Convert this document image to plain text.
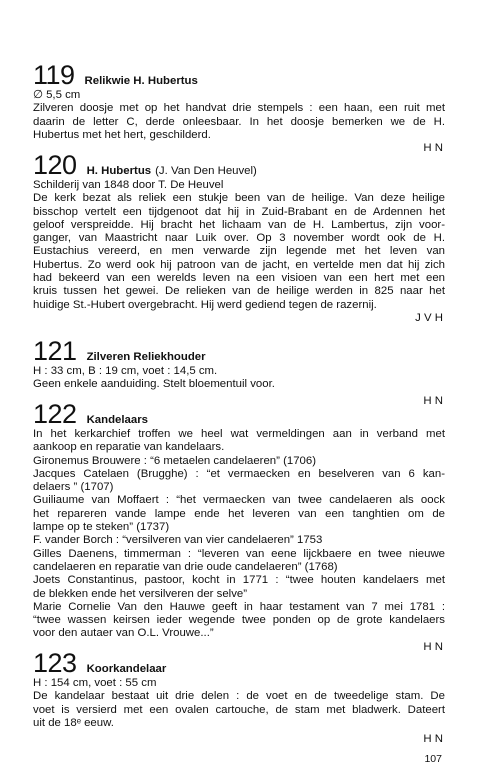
119 Relikwie H. Hubertus
∅ 5,5 cm
Zilveren doosje met op het handvat drie stempels : een haan, een ruit met
daarin de letter C, derde onleesbaar. In het doosje bemerken we de H.
Hubertus met het hert, geschilderd.
H N
120 H. Hubertus (J. Van Den Heuvel)
Schilderij van 1848 door T. De Heuvel
De kerk bezat als reliek een stukje been van de heilige. Van deze heilige
bisschop vertelt een tijdgenoot dat hij in Zuid-Brabant en de Ardennen het
geloof verspreidde. Hij bracht het lichaam van de H. Lambertus, zijn voor-
ganger, van Maastricht naar Luik over. Op 3 november wordt ook de H.
Eustachius vereerd, en men verwarde zijn legende met het leven van
Hubertus. Zo werd ook hij patroon van de jacht, en vertelde men dat hij zich
had bekeerd van een werelds leven na een visioen van een hert met een
kruis tussen het gewei. De relieken van de heilige werden in 825 naar het
huidige St.-Hubert overgebracht. Hij werd gediend tegen de razernij.
J V H
121 Zilveren Reliekhouder
H : 33 cm, B : 19 cm, voet : 14,5 cm.
Geen enkele aanduiding. Stelt bloementuil voor.
H N
122 Kandelaars
In het kerkarchief troffen we heel wat vermeldingen aan in verband met
aankoop en reparatie van kandelaars.
Gironemus Brouwere : “6 metaelen candelaeren” (1706)
Jacques Catelaen (Brugghe) : “et vermaecken en beselveren van 6 kan-
delaers ” (1707)
Guiliaume van Moffaert : “het vermaecken van twee candelaeren als oock
het repareren vande lampe ende het leveren van een tanghtien om de
lampe op te steken” (1737)
F. vander Borch : “versilveren van vier candelaeren” 1753
Gilles Daenens, timmerman : “leveren van eene lijckbaere en twee nieuwe
candelaeren en reparatie van drie oude candelaeren” (1768)
Joets Constantinus, pastoor, kocht in 1771 : “twee houten kandelaers met
de blekken ende het versilveren der selve”
Marie Cornelie Van den Hauwe geeft in haar testament van 7 mei 1781 :
“twee wassen keirsen ieder wegende twee ponden op de grote kandelaers
voor den autaer van O.L. Vrouwe...”
H N
123 Koorkandelaar
H : 154 cm, voet : 55 cm
De kandelaar bestaat uit drie delen : de voet en de tweedelige stam. De
voet is versierd met een ovalen cartouche, de stam met bladwerk. Dateert
uit de 18ᵉ eeuw.
H N
107
